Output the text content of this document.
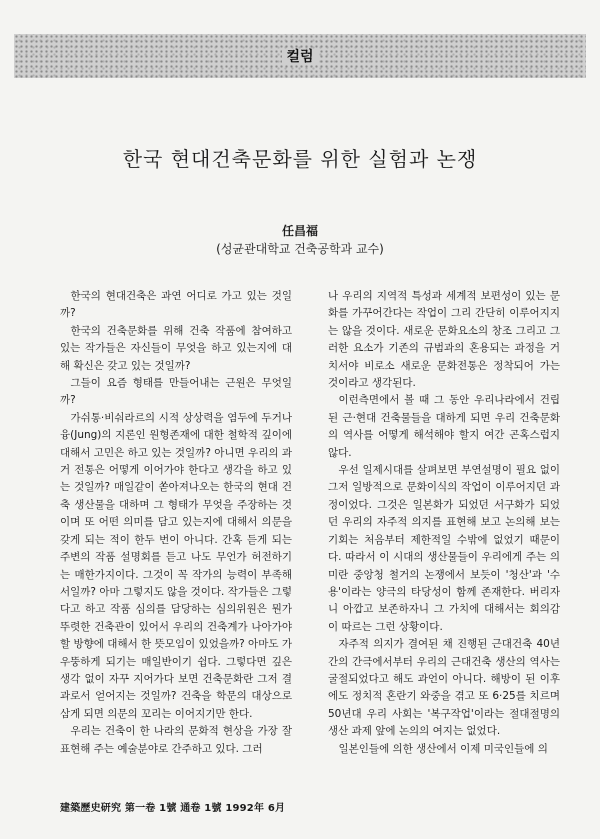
컬럼
한국 현대건축문화를 위한 실험과 논쟁
任昌福
(성균관대학교 건축공학과 교수)

한국의 현대건축은 과연 어디로 가고 있는 것일까?

한국의 건축문화를 위해 건축 작품에 참여하고 있는 작가들은 자신들이 무엇을 하고 있는지에 대해 확신은 갖고 있는 것일까?

그들이 요즘 형태를 만들어내는 근원은 무엇일까?

가쉬통·비숴라르의 시적 상상력을 염두에 두거나 융(Jung)의 지론인 원형존재에 대한 철학적 깊이에 대해서 고민은 하고 있는 것일까? 아니면 우리의 과거 전통은 어떻게 이어가야 한다고 생각을 하고 있는 것일까? 매일같이 쏟아져나오는 한국의 현대 건축 생산물을 대하며 그 형태가 무엇을 주장하는 것이며 또 어떤 의미를 담고 있는지에 대해서 의문을 갖게 되는 적이 한두 번이 아니다. 간혹 듣게 되는 주변의 작품 설명회를 듣고 나도 무언가 허전하기는 매한가지이다. 그것이 꼭 작가의 능력이 부족해서일까? 아마 그렇지도 않을 것이다. 작가들은 그렇다고 하고 작품 심의를 담당하는 심의위원은 뭔가 뚜렷한 건축관이 있어서 우리의 건축계가 나아가야 할 방향에 대해서 한 뜻모임이 있었을까? 아마도 가우뚱하게 되기는 매일반이기 쉽다. 그렇다면 깊은 생각 없이 자꾸 지어가다 보면 건축문화란 그저 결과로서 얻어지는 것일까? 건축을 학문의 대상으로 삼게 되면 의문의 꼬리는 이어지기만 한다.

우리는 건축이 한 나라의 문화적 현상을 가장 잘 표현해 주는 예술분야로 간주하고 있다. 그러

나 우리의 지역적 특성과 세계적 보편성이 있는 문화를 가꾸어간다는 작업이 그리 간단히 이루어지지는 않을 것이다. 새로운 문화요소의 창조 그리고 그러한 요소가 기존의 규범과의 혼용되는 과정을 거치서야 비로소 새로운 문화전통은 정착되어 가는 것이라고 생각된다.

이런측면에서 볼 때 그 동안 우리나라에서 건립된 근·현대 건축물들을 대하게 되면 우리 건축문화의 역사를 어떻게 해석해야 할지 여간 곤혹스럽지 않다.

우선 일제시대를 살펴보면 부연설명이 필요 없이 그저 일방적으로 문화이식의 작업이 이루어지던 과정이었다. 그것은 일본화가 되었던 서구화가 되었던 우리의 자주적 의지를 표현해 보고 논의해 보는 기회는 처음부터 제한적일 수밖에 없었기 때문이다. 따라서 이 시대의 생산물들이 우리에게 주는 의미란 중앙청 철거의 논쟁에서 보듯이 '청산'과 '수용'이라는 양극의 타당성이 함께 존재한다. 버리자니 아깝고 보존하자니 그 가치에 대해서는 회의감이 따르는 그런 상황이다.

자주적 의지가 결여된 채 진행된 근대건축 40년간의 간극에서부터 우리의 근대건축 생산의 역사는 굴절되었다고 해도 과언이 아니다. 해방이 된 이후에도 정치적 혼란기 와중을 겪고 또 6·25를 치르며 50년대 우리 사회는 '복구작업'이라는 절대절명의 생산 과제 앞에 논의의 여지는 없었다.

일본인들에 의한 생산에서 이제 미국인들에 의

建築歷史研究 第一卷 1號 通卷 1號 1992年 6月
